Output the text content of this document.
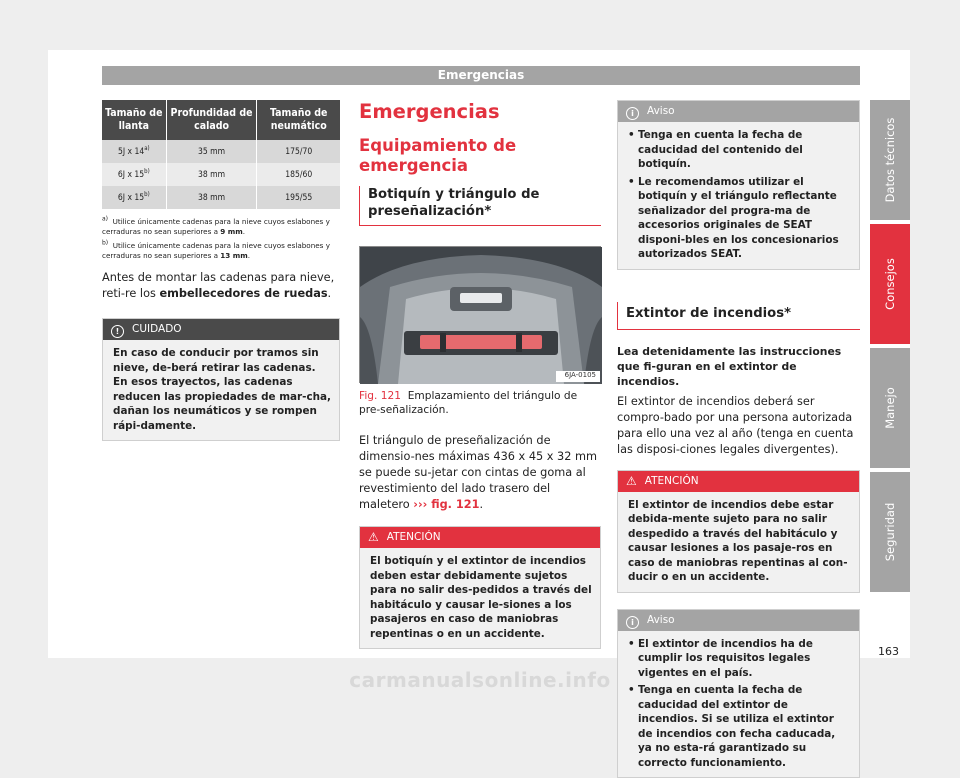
Emergencias
Tamaño de llanta	Profundidad de calado	Tamaño de neumático
5J x 14$^{a)}$	35 mm	175/70
6J x 15$^{b)}$	38 mm	185/60
6J x 15$^{b)}$	38 mm	195/55
$^{a)}$ Utilice únicamente cadenas para la nieve cuyos eslabones y cerraduras no sean superiores a 9 mm.
$^{b)}$ Utilice únicamente cadenas para la nieve cuyos eslabones y cerraduras no sean superiores a 13 mm.

Antes de montar las cadenas para nieve, reti-re los embellecedores de ruedas.

! CUIDADO
En caso de conducir por tramos sin nieve, de-berá retirar las cadenas. En esos trayectos, las cadenas reducen las propiedades de mar-cha, dañan los neumáticos y se rompen rápi-damente.
Emergencias
Equipamiento de emergencia
Botiquín y triángulo de preseñalización*
6JA-0105

Fig. 121 Emplazamiento del triángulo de pre-señalización.

El triángulo de preseñalización de dimensio-nes máximas 436 x 45 x 32 mm se puede su-jetar con cintas de goma al revestimiento del lado trasero del maletero ››› fig. 121.

⚠ ATENCIÓN
El botiquín y el extintor de incendios deben estar debidamente sujetos para no salir des-pedidos a través del habitáculo y causar le-siones a los pasajeros en caso de maniobras repentinas o en un accidente.
i Aviso
• Tenga en cuenta la fecha de caducidad del contenido del botiquín.
• Le recomendamos utilizar el botiquín y el triángulo reflectante señalizador del progra-ma de accesorios originales de SEAT disponi-bles en los concesionarios autorizados SEAT.
Extintor de incendios*

Lea detenidamente las instrucciones que fi-guran en el extintor de incendios.

El extintor de incendios deberá ser compro-bado por una persona autorizada para ello una vez al año (tenga en cuenta las disposi-ciones legales divergentes).

⚠ ATENCIÓN
El extintor de incendios debe estar debida-mente sujeto para no salir despedido a través del habitáculo y causar lesiones a los pasaje-ros en caso de maniobras repentinas al con-ducir o en un accidente.
i Aviso
• El extintor de incendios ha de cumplir los requisitos legales vigentes en el país.
• Tenga en cuenta la fecha de caducidad del extintor de incendios. Si se utiliza el extintor de incendios con fecha caducada, ya no esta-rá garantizado su correcto funcionamiento.
Datos técnicos
Consejos
Manejo
Seguridad
163
carmanualsonline.info
